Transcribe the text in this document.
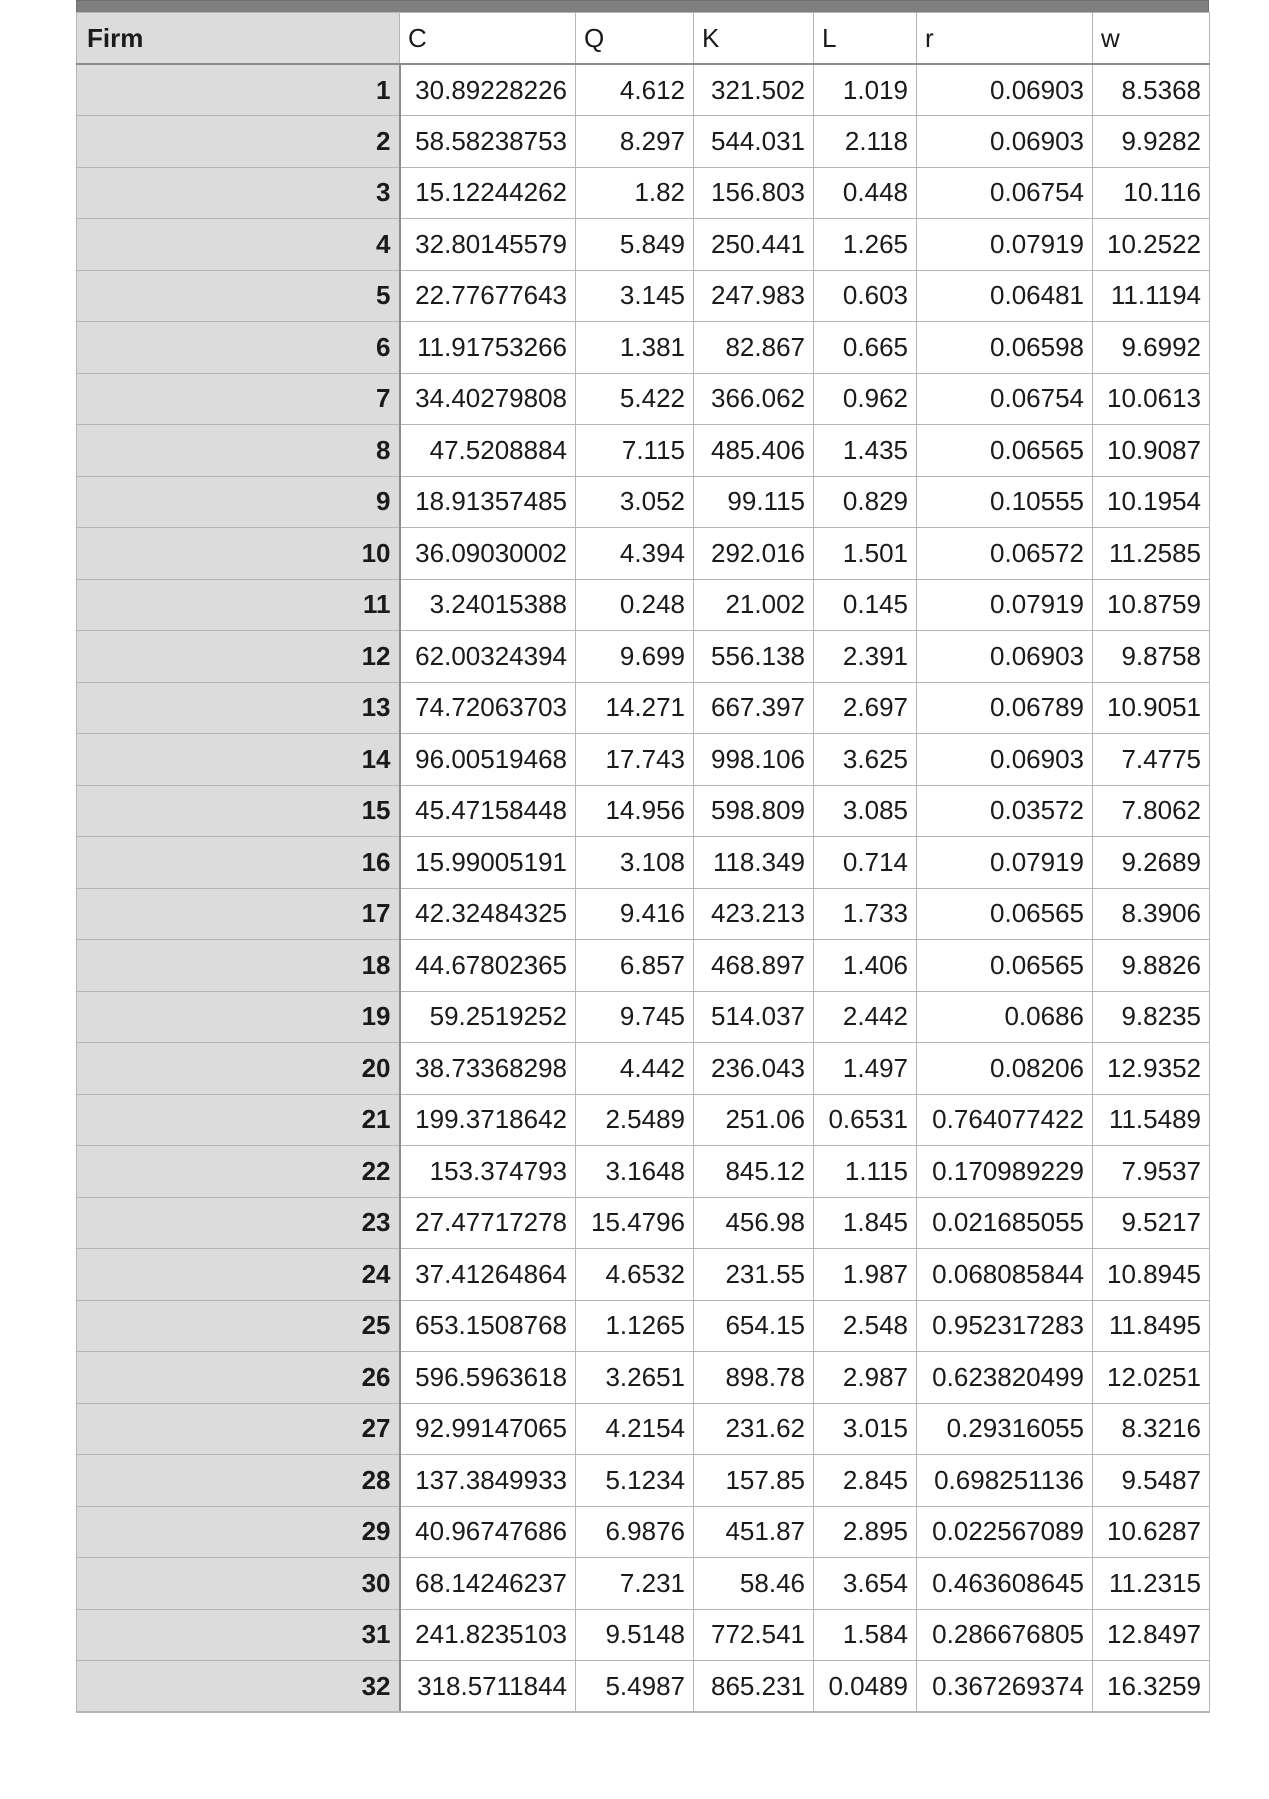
Firm	C	Q	K	L	r	w
1	30.89228226	4.612	321.502	1.019	0.06903	8.5368
2	58.58238753	8.297	544.031	2.118	0.06903	9.9282
3	15.12244262	1.82	156.803	0.448	0.06754	10.116
4	32.80145579	5.849	250.441	1.265	0.07919	10.2522
5	22.77677643	3.145	247.983	0.603	0.06481	11.1194
6	11.91753266	1.381	82.867	0.665	0.06598	9.6992
7	34.40279808	5.422	366.062	0.962	0.06754	10.0613
8	47.5208884	7.115	485.406	1.435	0.06565	10.9087
9	18.91357485	3.052	99.115	0.829	0.10555	10.1954
10	36.09030002	4.394	292.016	1.501	0.06572	11.2585
11	3.24015388	0.248	21.002	0.145	0.07919	10.8759
12	62.00324394	9.699	556.138	2.391	0.06903	9.8758
13	74.72063703	14.271	667.397	2.697	0.06789	10.9051
14	96.00519468	17.743	998.106	3.625	0.06903	7.4775
15	45.47158448	14.956	598.809	3.085	0.03572	7.8062
16	15.99005191	3.108	118.349	0.714	0.07919	9.2689
17	42.32484325	9.416	423.213	1.733	0.06565	8.3906
18	44.67802365	6.857	468.897	1.406	0.06565	9.8826
19	59.2519252	9.745	514.037	2.442	0.0686	9.8235
20	38.73368298	4.442	236.043	1.497	0.08206	12.9352
21	199.3718642	2.5489	251.06	0.6531	0.764077422	11.5489
22	153.374793	3.1648	845.12	1.115	0.170989229	7.9537
23	27.47717278	15.4796	456.98	1.845	0.021685055	9.5217
24	37.41264864	4.6532	231.55	1.987	0.068085844	10.8945
25	653.1508768	1.1265	654.15	2.548	0.952317283	11.8495
26	596.5963618	3.2651	898.78	2.987	0.623820499	12.0251
27	92.99147065	4.2154	231.62	3.015	0.29316055	8.3216
28	137.3849933	5.1234	157.85	2.845	0.698251136	9.5487
29	40.96747686	6.9876	451.87	2.895	0.022567089	10.6287
30	68.14246237	7.231	58.46	3.654	0.463608645	11.2315
31	241.8235103	9.5148	772.541	1.584	0.286676805	12.8497
32	318.5711844	5.4987	865.231	0.0489	0.367269374	16.3259
